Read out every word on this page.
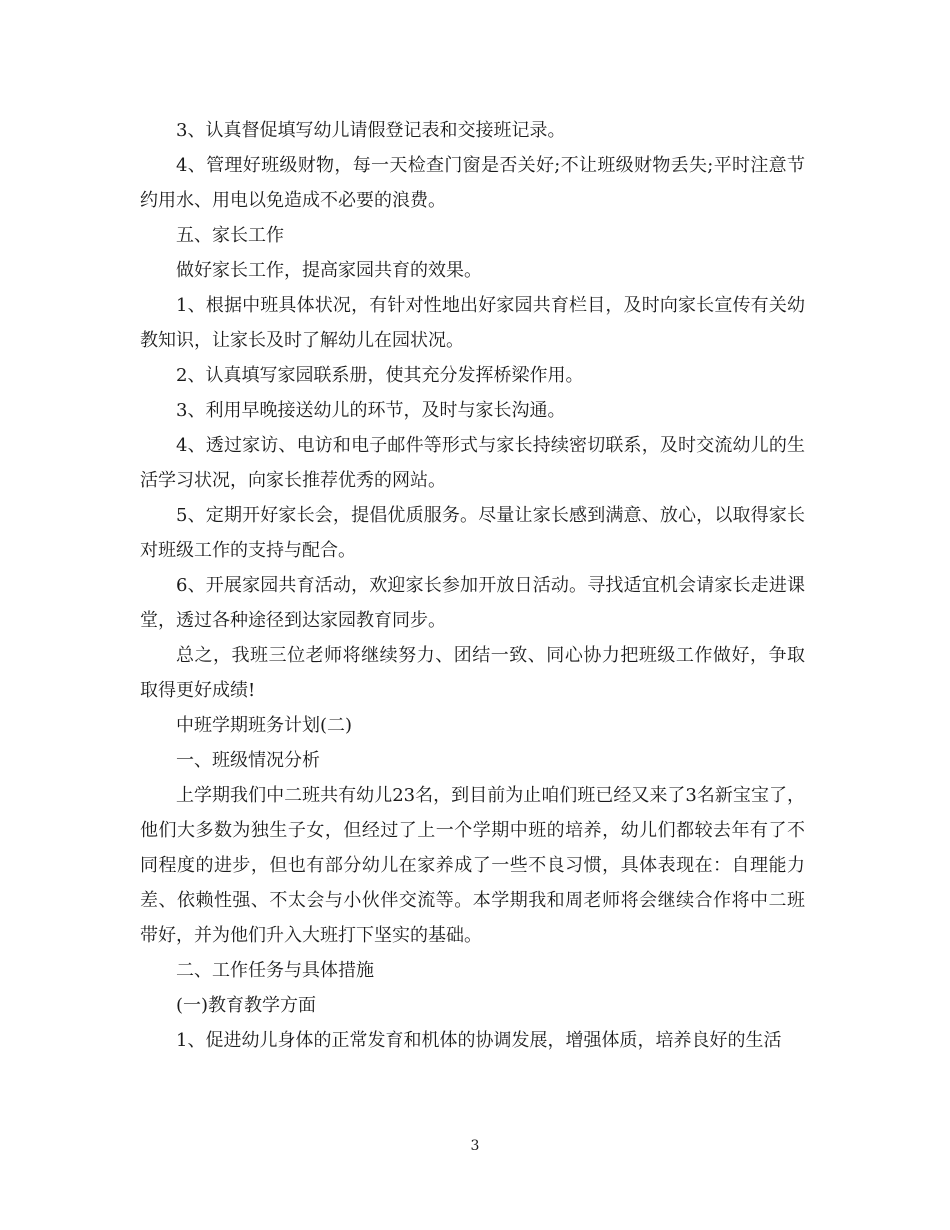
3、认真督促填写幼儿请假登记表和交接班记录。

4、管理好班级财物，每一天检查门窗是否关好;不让班级财物丢失;平时注意节约用水、用电以免造成不必要的浪费。

五、家长工作

做好家长工作，提高家园共育的效果。

1、根据中班具体状况，有针对性地出好家园共育栏目，及时向家长宣传有关幼教知识，让家长及时了解幼儿在园状况。

2、认真填写家园联系册，使其充分发挥桥梁作用。

3、利用早晚接送幼儿的环节，及时与家长沟通。

4、透过家访、电访和电子邮件等形式与家长持续密切联系，及时交流幼儿的生活学习状况，向家长推荐优秀的网站。

5、定期开好家长会，提倡优质服务。尽量让家长感到满意、放心，以取得家长对班级工作的支持与配合。

6、开展家园共育活动，欢迎家长参加开放日活动。寻找适宜机会请家长走进课堂，透过各种途径到达家园教育同步。

总之，我班三位老师将继续努力、团结一致、同心协力把班级工作做好，争取取得更好成绩!

中班学期班务计划(二)

一、班级情况分析

上学期我们中二班共有幼儿23名，到目前为止咱们班已经又来了3名新宝宝了，他们大多数为独生子女，但经过了上一个学期中班的培养，幼儿们都较去年有了不同程度的进步，但也有部分幼儿在家养成了一些不良习惯，具体表现在：自理能力差、依赖性强、不太会与小伙伴交流等。本学期我和周老师将会继续合作将中二班带好，并为他们升入大班打下坚实的基础。

二、工作任务与具体措施

(一)教育教学方面

1、促进幼儿身体的正常发育和机体的协调发展，增强体质，培养良好的生活

3
